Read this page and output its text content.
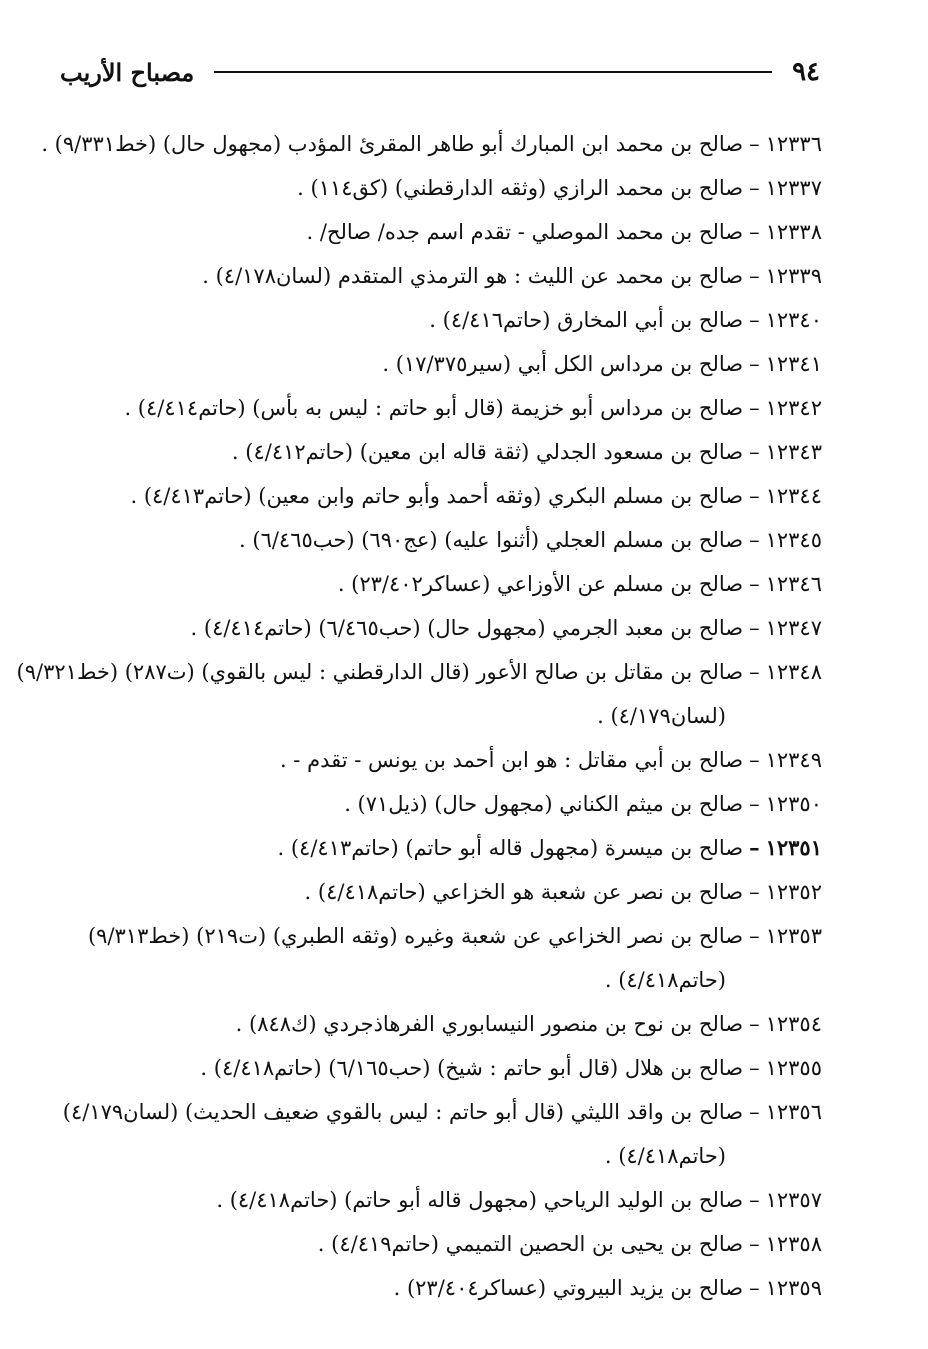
٩٤
مصباح الأريب
١٢٣٣٦–صالح بن محمد ابن المبارك أبو طاهر المقرئ المؤدب (مجهول حال) (خط٩/٣٣١) .
١٢٣٣٧–صالح بن محمد الرازي (وثقه الدارقطني) (كق١١٤) .
١٢٣٣٨–صالح بن محمد الموصلي - تقدم اسم جده/ صالح/ .
١٢٣٣٩–صالح بن محمد عن الليث : هو الترمذي المتقدم (لسان٤/١٧٨) .
١٢٣٤٠–صالح بن أبي المخارق (حاتم٤/٤١٦) .
١٢٣٤١–صالح بن مرداس الكل أبي (سير١٧/٣٧٥) .
١٢٣٤٢–صالح بن مرداس أبو خزيمة (قال أبو حاتم : ليس به بأس) (حاتم٤/٤١٤) .
١٢٣٤٣–صالح بن مسعود الجدلي (ثقة قاله ابن معين) (حاتم٤/٤١٢) .
١٢٣٤٤–صالح بن مسلم البكري (وثقه أحمد وأبو حاتم وابن معين) (حاتم٤/٤١٣) .
١٢٣٤٥–صالح بن مسلم العجلي (أثنوا عليه) (عج٦٩٠) (حب٦/٤٦٥) .
١٢٣٤٦–صالح بن مسلم عن الأوزاعي (عساكر٢٣/٤٠٢) .
١٢٣٤٧–صالح بن معبد الجرمي (مجهول حال) (حب٦/٤٦٥) (حاتم٤/٤١٤) .
١٢٣٤٨–صالح بن مقاتل بن صالح الأعور (قال الدارقطني : ليس بالقوي) (ت٢٨٧) (خط٩/٣٢١)
(لسان٤/١٧٩) .
١٢٣٤٩–صالح بن أبي مقاتل : هو ابن أحمد بن يونس - تقدم - .
١٢٣٥٠–صالح بن ميثم الكناني (مجهول حال) (ذيل٧١) .
١٢٣٥١–صالح بن ميسرة (مجهول قاله أبو حاتم) (حاتم٤/٤١٣) .
١٢٣٥٢–صالح بن نصر عن شعبة هو الخزاعي (حاتم٤/٤١٨) .
١٢٣٥٣–صالح بن نصر الخزاعي عن شعبة وغيره (وثقه الطبري) (ت٢١٩) (خط٩/٣١٣)
(حاتم٤/٤١٨) .
١٢٣٥٤–صالح بن نوح بن منصور النيسابوري الفرهاذجردي (ك٨٤٨) .
١٢٣٥٥–صالح بن هلال (قال أبو حاتم : شيخ) (حب٦/١٦٥) (حاتم٤/٤١٨) .
١٢٣٥٦–صالح بن واقد الليثي (قال أبو حاتم : ليس بالقوي ضعيف الحديث) (لسان٤/١٧٩)
(حاتم٤/٤١٨) .
١٢٣٥٧–صالح بن الوليد الرياحي (مجهول قاله أبو حاتم) (حاتم٤/٤١٨) .
١٢٣٥٨–صالح بن يحيى بن الحصين التميمي (حاتم٤/٤١٩) .
١٢٣٥٩–صالح بن يزيد البيروتي (عساكر٢٣/٤٠٤) .
